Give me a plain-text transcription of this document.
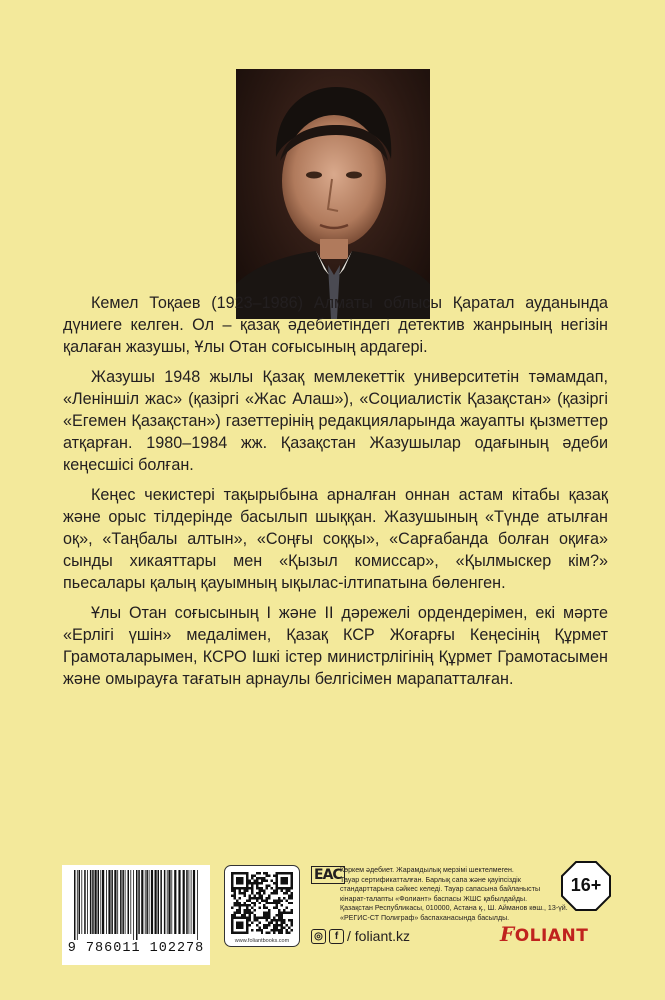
Кемел Тоқаев (1923–1986) Алматы облысы Қаратал ауданында дүниеге келген. Ол – қазақ әдебиетіндегі детектив жанрының негізін қалаған жазушы, Ұлы Отан соғысының ардагері.

Жазушы 1948 жылы Қазақ мемлекеттік университетін тәмамдап, «Леніншіл жас» (қазіргі «Жас Алаш»), «Социалистік Қазақстан» (қазіргі «Егемен Қазақстан») газеттерінің редакцияларында жауапты қызметтер атқарған. 1980–1984 жж. Қазақстан Жазушылар одағының әдеби кеңесшісі болған.

Кеңес чекистері тақырыбына арналған оннан астам кітабы қазақ және орыс тілдерінде басылып шыққан. Жазушының «Түнде атылған оқ», «Таңбалы алтын», «Соңғы соққы», «Сарғабанда болған оқиға» сынды хикаяттары мен «Қызыл комиссар», «Қылмыскер кім?» пьесалары қалың қауымның ықылас-ілтипатына бөленген.

Ұлы Отан соғысының I және II дәрежелі ордендерімен, екі мәрте «Ерлігі үшін» медалімен, Қазақ КСР Жоғарғы Кеңесінің Құрмет Грамоталарымен, КСРО Ішкі істер министрлігінің Құрмет Грамотасымен және омырауға тағатын арнаулы белгісімен марапатталған.

9 786011 102278	www.foliantbooks.com
EAC
Көркем әдебиет. Жарамдылық мерзімі шектелмеген.
Тауар сертификатталған. Барлық сапа және қауіпсіздік
стандарттарына сәйкес келеді. Тауар сапасына байланысты
кінарат-талапты «Фолиант» баспасы ЖШС қабылдайды.
Қазақстан Республикасы, 010000, Астана қ., Ш. Айманов көш., 13-үй.
«РЕГИС-СТ Полиграф» баспаханасында басылды.
16+
◎	f / foliant.kz	FOLIANT
